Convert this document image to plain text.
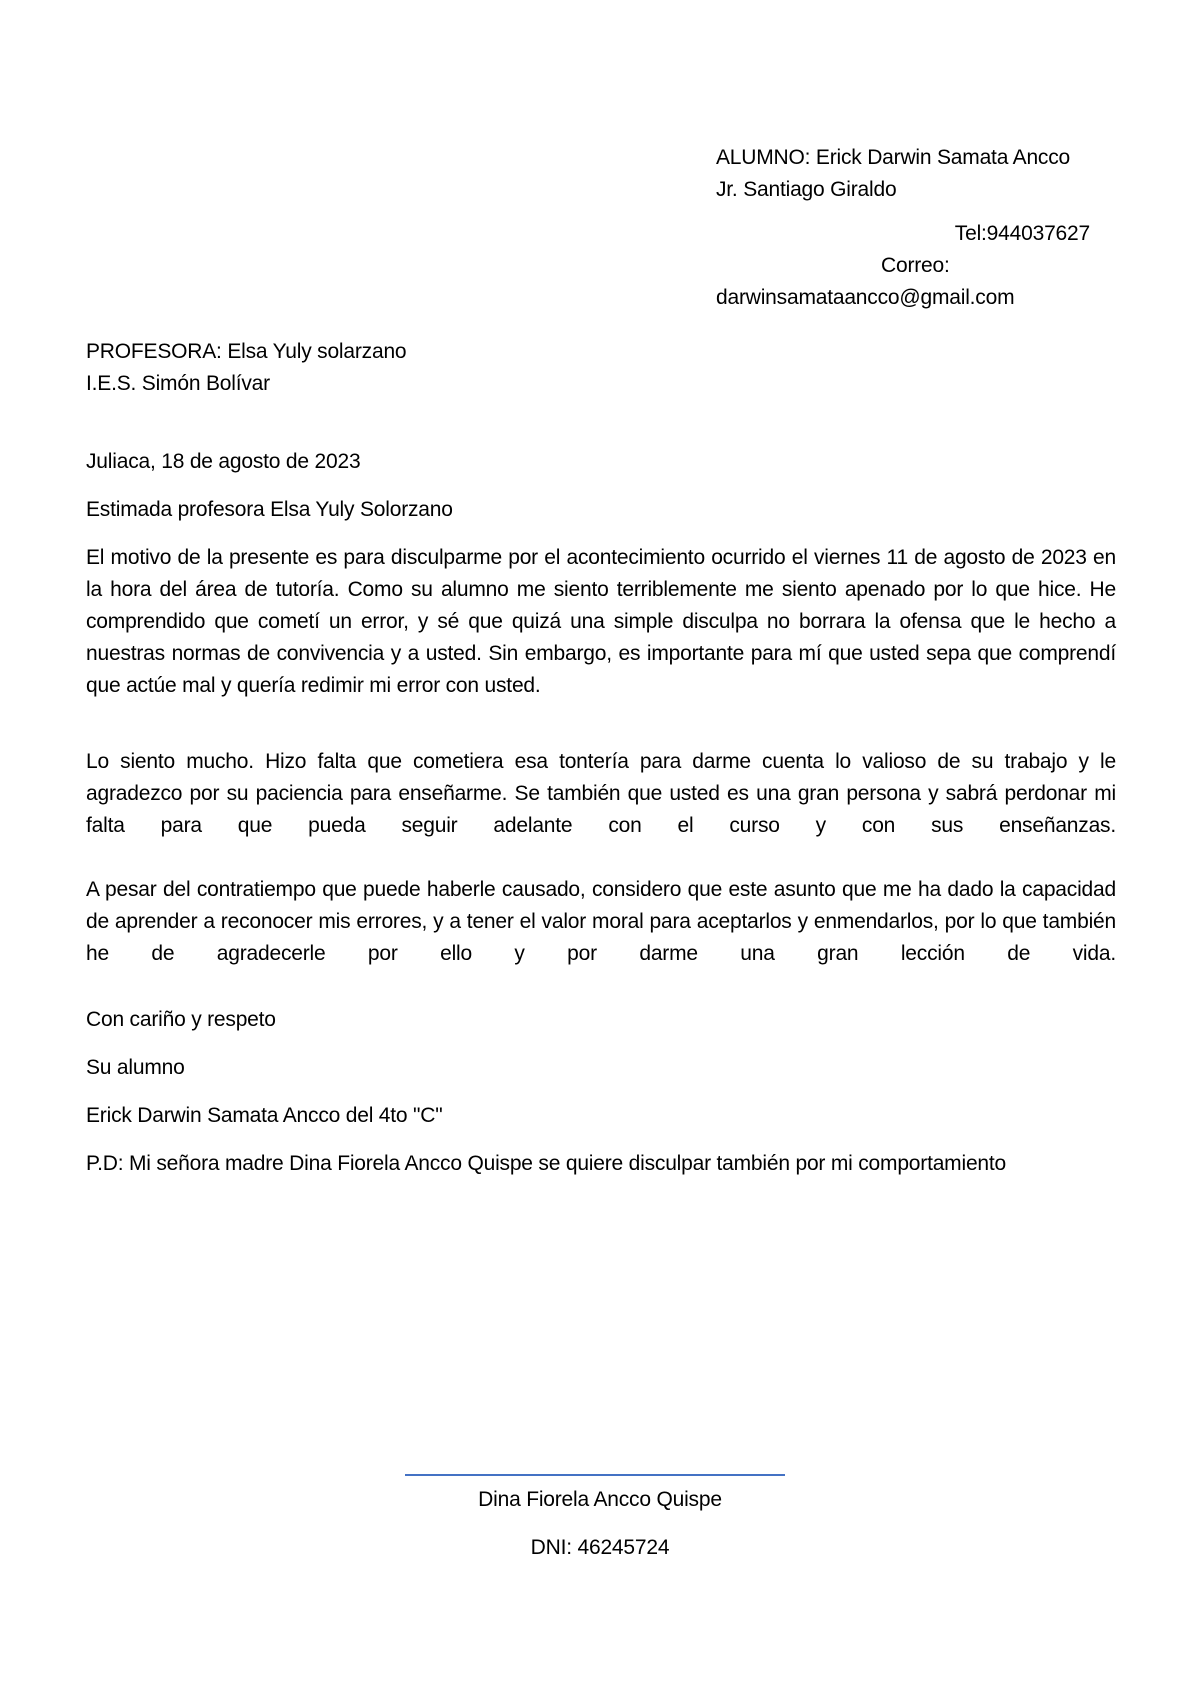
ALUMNO: Erick Darwin Samata Ancco
Jr. Santiago Giraldo
Tel:944037627
Correo:
darwinsamataancco@gmail.com
PROFESORA: Elsa Yuly solarzano
I.E.S. Simón Bolívar
Juliaca, 18 de agosto de 2023
Estimada profesora Elsa Yuly Solorzano
El motivo de la presente es para disculparme por el acontecimiento ocurrido el viernes 11 de agosto de 2023 en la hora del área de tutoría. Como su alumno me siento terriblemente me siento apenado por lo que hice. He comprendido que cometí un error, y sé que quizá una simple disculpa no borrara la ofensa que le hecho a nuestras normas de convivencia y a usted. Sin embargo, es importante para mí que usted sepa que comprendí que actúe mal y quería redimir mi error con usted.
Lo siento mucho. Hizo falta que cometiera esa tontería para darme cuenta lo valioso de su trabajo y le agradezco por su paciencia para enseñarme. Se también que usted es una gran persona y sabrá perdonar mi falta para que pueda seguir adelante con el curso y con sus enseñanzas.
A pesar del contratiempo que puede haberle causado, considero que este asunto que me ha dado la capacidad de aprender a reconocer mis errores, y a tener el valor moral para aceptarlos y enmendarlos, por lo que también he de agradecerle por ello y por darme una gran lección de vida.
Con cariño y respeto
Su alumno
Erick Darwin Samata Ancco del 4to "C"
P.D: Mi señora madre Dina Fiorela Ancco Quispe se quiere disculpar también por mi comportamiento
Dina Fiorela Ancco Quispe
DNI: 46245724
